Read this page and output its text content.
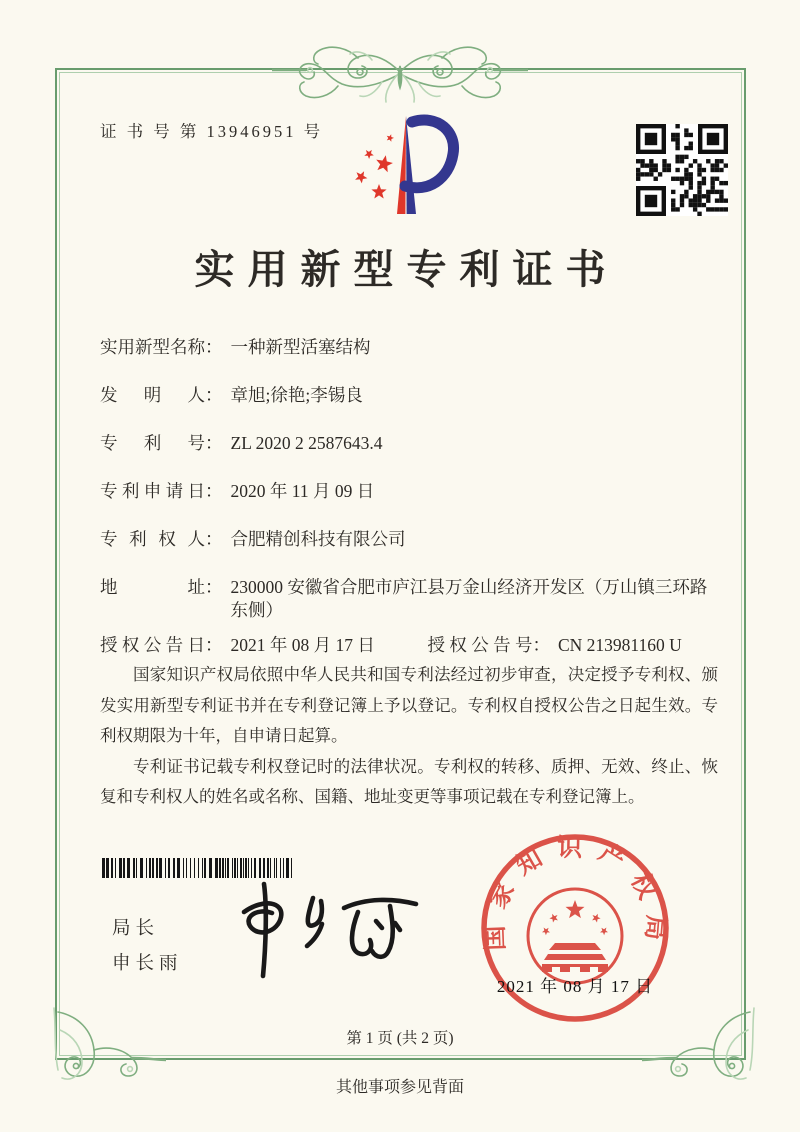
证 书 号 第 13946951 号
实用新型专利证书
实用新型名称 ： 一种新型活塞结构
发明人 ： 章旭;徐艳;李锡良
专利号 ： ZL 2020 2 2587643.4
专利申请日 ： 2020 年 11 月 09 日
专利权人 ： 合肥精创科技有限公司
地址 ： 230000 安徽省合肥市庐江县万金山经济开发区（万山镇三环路东侧）
授权公告日 ： 2021 年 08 月 17 日	授权公告号 ： CN 213981160 U

国家知识产权局依照中华人民共和国专利法经过初步审查，决定授予专利权、颁发实用新型专利证书并在专利登记簿上予以登记。专利权自授权公告之日起生效。专利权期限为十年，自申请日起算。

专利证书记载专利权登记时的法律状况。专利权的转移、质押、无效、终止、恢复和专利权人的姓名或名称、国籍、地址变更等事项记载在专利登记簿上。

局长
申长雨
国家知识产权局
2021 年 08 月 17 日
第 1 页 (共 2 页)
其他事项参见背面
